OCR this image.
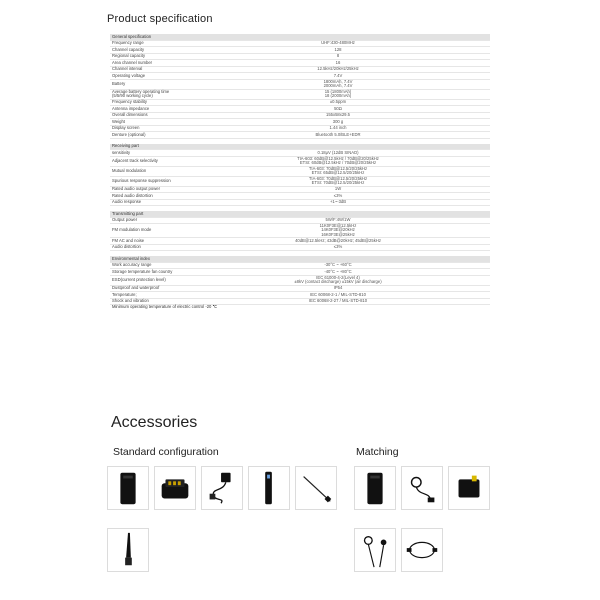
Product specification
General specification	
Frequency range	UHF:430-480MHz
Channel capacity	128
Regional capacity	8
Area channel number	16
Channel interval	12.5kHz/20kHz/25kHz
Operating voltage	7.4V
Battery	1800mAh, 7.4V
2000mAh, 7.4V
Average battery operating time
(5/5/90 working cycle)	15 (1800mAh)
18 (2000mAh)
Frequency stability	±0.5ppm
Antenna impedance	50Ω
Overall dimensions	155x58x29.5
Weight	300 g
Display screen	1.44 inch
Denture (optional)	Bluetooth 5.0/BLE+EDR

Receiving part	
sensitivity	0.18μV (12dB SINAD)
Adjacent track selectivity	TIA-603: 60dB@12.5kHz / 70dB@20/25kHz
ETSI: 60dB@12.5kHz / 70dB@20/25kHz
Mutual modulation	TIA-603: 70dB@12.5/20/25kHz
ETSI: 65dB@12.5/20/25kHz
Spurious response suppression	TIA-603: 70dB@12.5/20/25kHz
ETSI: 70dB@12.5/20/25kHz
Rated audio output power	1W
Rated audio distortion	≤3%
Audio response	+1~-3dB

Transmitting part	
Output power	5W/F:4W/1W
FM modulation mode	11K0F3E@12.5kHz
14K0F3E@20kHz
16K0F3E@25kHz
FM AC and noise	40dB@12.5kHz; 43dB@20kHz; 45dB@25kHz
Audio distortion	≤3%

Environmental index	
Work accuracy range	-30°C ~ +60°C
Storage temperature fan country	-40°C ~ +80°C
ESD(current protection level)	IEC 61000-4-2(Level 4)
±8kV (contact discharge) ±15kV (air discharge)
Dustproof and waterproof	IP54
Temperature;	IEC 60068-2-1 / MIL-STD-810
Shock and vibration	IEC 60068-2-27 / MIL-STD-810
Minimum operating temperature of electric control -20 ℃	
Accessories
Standard configuration	Matching
